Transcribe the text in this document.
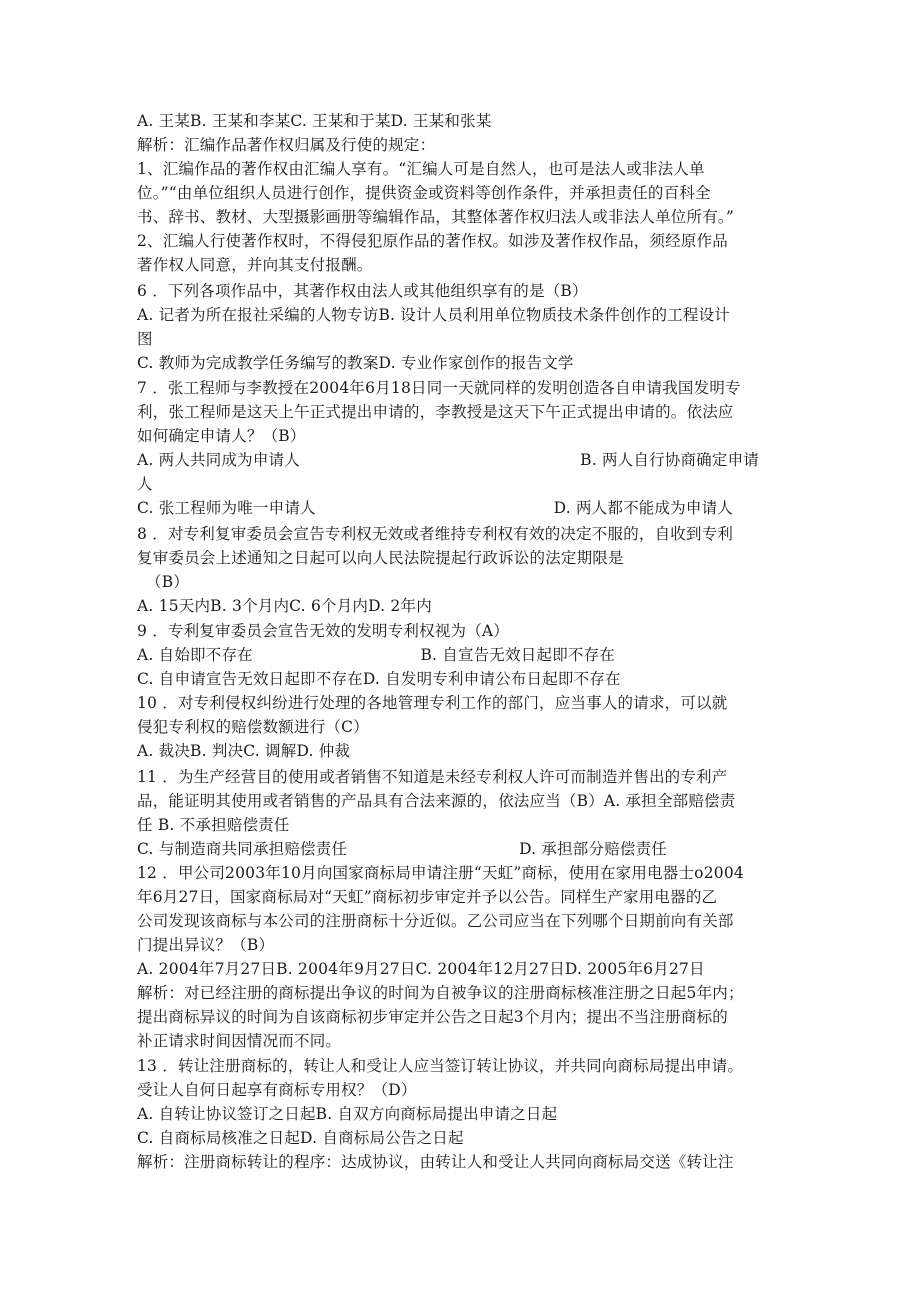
A. 王某B. 王某和李某C. 王某和于某D. 王某和张某
解析：汇编作品著作权归属及行使的规定：
1、汇编作品的著作权由汇编人享有。“汇编人可是自然人，也可是法人或非法人单
位。”“由单位组织人员进行创作，提供资金或资料等创作条件，并承担责任的百科全
书、辞书、教材、大型摄影画册等编辑作品，其整体著作权归法人或非法人单位所有。”
2、汇编人行使著作权时，不得侵犯原作品的著作权。如涉及著作权作品，须经原作品
著作权人同意，并向其支付报酬。
6 ．下列各项作品中，其著作权由法人或其他组织享有的是（B）
A. 记者为所在报社采编的人物专访B. 设计人员利用单位物质技术条件创作的工程设计
图
C. 教师为完成教学任务编写的教案D. 专业作家创作的报告文学
7 ．张工程师与李教授在2004年6月18日同一天就同样的发明创造各自申请我国发明专
利，张工程师是这天上午正式提出申请的，李教授是这天下午正式提出申请的。依法应
如何确定申请人？（B）
A. 两人共同成为申请人	B. 两人自行协商确定申请
人
C. 张工程师为唯一申请人	D. 两人都不能成为申请人
8 ．对专利复审委员会宣告专利权无效或者维持专利权有效的决定不服的，自收到专利
复审委员会上述通知之日起可以向人民法院提起行政诉讼的法定期限是
（B）
A. 15天内B. 3个月内C. 6个月内D. 2年内
9 ．专利复审委员会宣告无效的发明专利权视为（A）
A. 自始即不存在	B. 自宣告无效日起即不存在
C. 自申请宣告无效日起即不存在D. 自发明专利申请公布日起即不存在
10 ．对专利侵权纠纷进行处理的各地管理专利工作的部门，应当事人的请求，可以就
侵犯专利权的赔偿数额进行（C）
A. 裁决B. 判决C. 调解D. 仲裁
11 ．为生产经营目的使用或者销售不知道是未经专利权人许可而制造并售出的专利产
品，能证明其使用或者销售的产品具有合法来源的，依法应当（B）A. 承担全部赔偿责
任 B. 不承担赔偿责任
C. 与制造商共同承担赔偿责任	D. 承担部分赔偿责任
12 ．甲公司2003年10月向国家商标局申请注册“天虹”商标，使用在家用电器士o2004
年6月27日，国家商标局对“天虹”商标初步审定并予以公告。同样生产家用电器的乙
公司发现该商标与本公司的注册商标十分近似。乙公司应当在下列哪个日期前向有关部
门提出异议？（B）
A. 2004年7月27日B. 2004年9月27日C. 2004年12月27日D. 2005年6月27日
解析：对已经注册的商标提出争议的时间为自被争议的注册商标核准注册之日起5年内；
提出商标异议的时间为自该商标初步审定并公告之日起3个月内；提出不当注册商标的
补正请求时间因情况而不同。
13 ．转让注册商标的，转让人和受让人应当签订转让协议，并共同向商标局提出申请。
受让人自何日起享有商标专用权？（D）
A. 自转让协议签订之日起B. 自双方向商标局提出申请之日起
C. 自商标局核准之日起D. 自商标局公告之日起
解析：注册商标转让的程序：达成协议，由转让人和受让人共同向商标局交送《转让注
